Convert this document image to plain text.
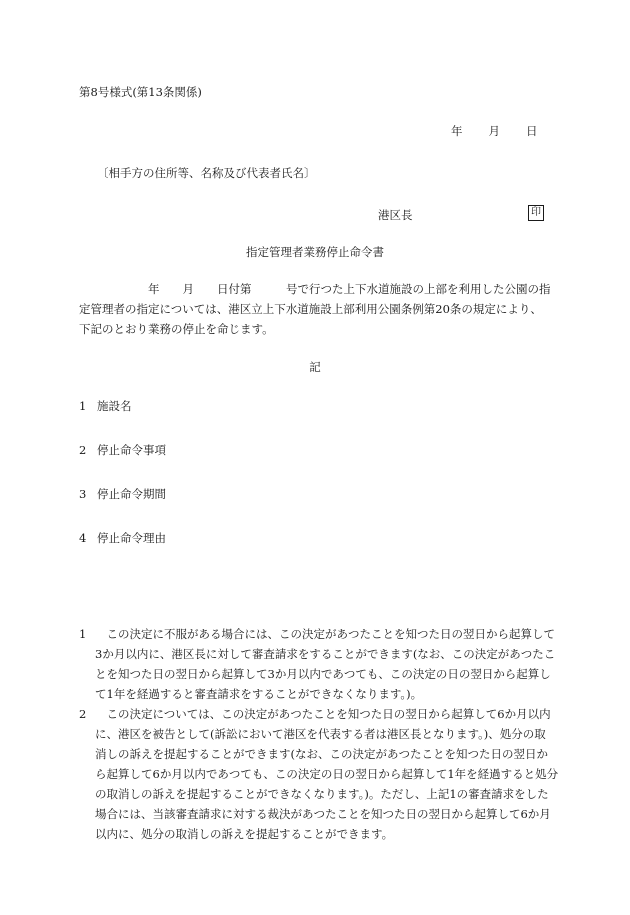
第8号様式(第13条関係)
年 月 日
〔相手方の住所等、名称及び代表者氏名〕
港区長	印
指定管理者業務停止命令書
　　　　　　年　　月　　日付第　　　号で行つた上下水道施設の上部を利用した公園の指
定管理者の指定については、港区立上下水道施設上部利用公園条例第20条の規定により、
下記のとおり業務の停止を命じます。
記
1 施設名
2 停止命令事項
3 停止命令期間
4 停止命令理由
1 　この決定に不服がある場合には、この決定があつたことを知つた日の翌日から起算して
3か月以内に、港区長に対して審査請求をすることができます(なお、この決定があつたこ
とを知つた日の翌日から起算して3か月以内であつても、この決定の日の翌日から起算し
て1年を経過すると審査請求をすることができなくなります。)。
2 　この決定については、この決定があつたことを知つた日の翌日から起算して6か月以内
に、港区を被告として(訴訟において港区を代表する者は港区長となります。)、処分の取
消しの訴えを提起することができます(なお、この決定があつたことを知つた日の翌日か
ら起算して6か月以内であつても、この決定の日の翌日から起算して1年を経過すると処分
の取消しの訴えを提起することができなくなります。)。ただし、上記1の審査請求をした
場合には、当該審査請求に対する裁決があつたことを知つた日の翌日から起算して6か月
以内に、処分の取消しの訴えを提起することができます。
